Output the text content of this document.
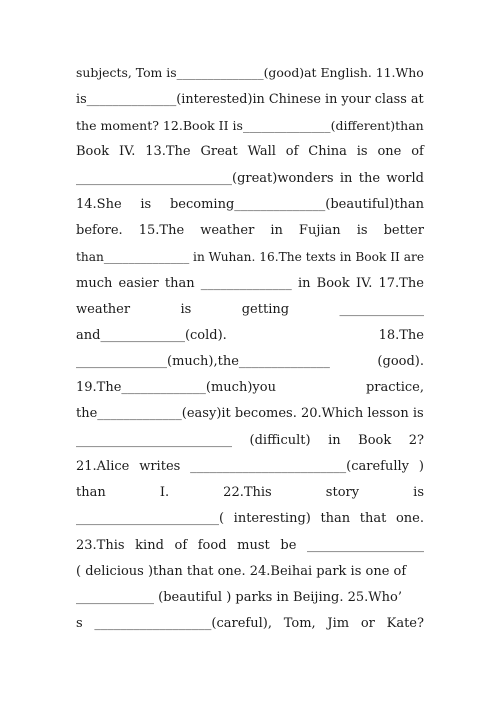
subjects, Tom is______________(good)at English. 11.Who
is______________(interested)in Chinese in your class at
the moment? 12.Book II is______________(different)than
Book IV. 13.The Great Wall of China is one of
________________________(great)wonders in the world
14.She is becoming______________(beautiful)than
before. 15.The weather in Fujian is better
than______________ in Wuhan. 16.The texts in Book II are
much easier than ______________ in Book IV. 17.The
weather	is	getting	_____________
and_____________(cold).	18.The
______________(much),the______________	(good).
19.The_____________(much)you	practice,
the_____________(easy)it becomes. 20.Which lesson is
________________________ (difficult) in Book 2?
21.Alice writes ________________________(carefully )
than	I.	22.This	story	is
______________________( interesting) than that one.
23.This kind of food must be __________________
( delicious )than that one. 24.Beihai park is one of
____________ (beautiful ) parks in Beijing. 25.Who’
s __________________(careful), Tom, Jim or Kate?
